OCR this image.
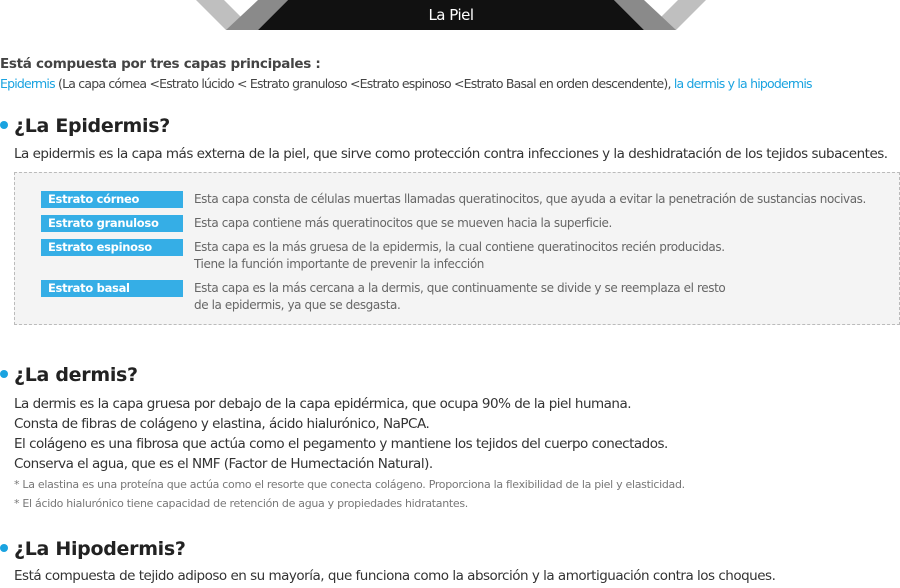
La Piel
Está compuesta por tres capas principales :
Epidermis (La capa córnea <Estrato lúcido < Estrato granuloso <Estrato espinoso <Estrato Basal en orden descendente), la dermis y la hipodermis
¿La Epidermis?
La epidermis es la capa más externa de la piel, que sirve como protección contra infecciones y la deshidratación de los tejidos subacentes.
Estrato córneo	Esta capa consta de células muertas llamadas queratinocitos, que ayuda a evitar la penetración de sustancias nocivas.
Estrato granuloso	Esta capa contiene más queratinocitos que se mueven hacia la superficie.
Estrato espinoso	Esta capa es la más gruesa de la epidermis, la cual contiene queratinocitos recién producidas.
Tiene la función importante de prevenir la infección
Estrato basal	Esta capa es la más cercana a la dermis, que continuamente se divide y se reemplaza el resto
de la epidermis, ya que se desgasta.
¿La dermis?
La dermis es la capa gruesa por debajo de la capa epidérmica, que ocupa 90% de la piel humana.
Consta de fibras de colágeno y elastina, ácido hialurónico, NaPCA.
El colágeno es una fibrosa que actúa como el pegamento y mantiene los tejidos del cuerpo conectados.
Conserva el agua, que es el NMF (Factor de Humectación Natural).
* La elastina es una proteína que actúa como el resorte que conecta colágeno. Proporciona la flexibilidad de la piel y elasticidad.
* El ácido hialurónico tiene capacidad de retención de agua y propiedades hidratantes.
¿La Hipodermis?
Está compuesta de tejido adiposo en su mayoría, que funciona como la absorción y la amortiguación contra los choques.
